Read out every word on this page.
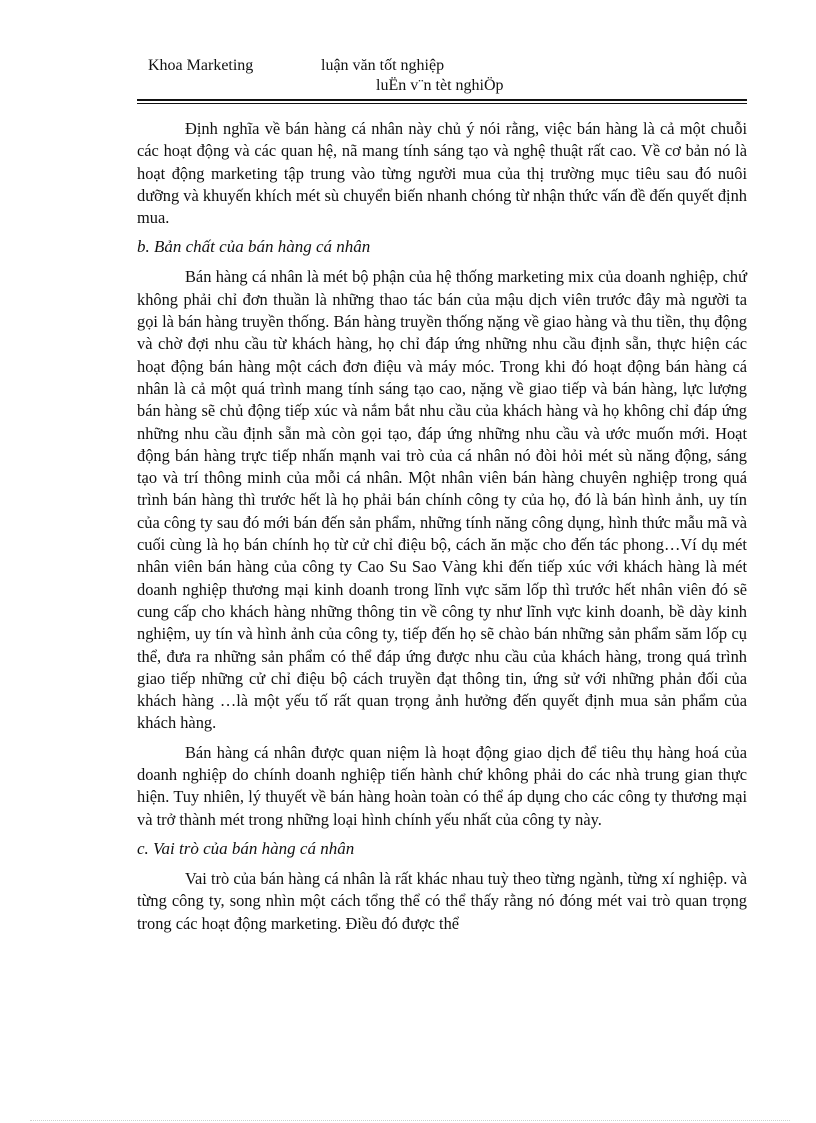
Khoa Marketing	luận văn tốt nghiệp
luËn v¨n tèt nghiÖp

Định nghĩa về bán hàng cá nhân này chủ ý nói rằng, việc bán hàng là cả một chuỗi các hoạt động và các quan hệ, nã mang tính sáng tạo và nghệ thuật rất cao. Về cơ bản nó là hoạt động marketing tập trung vào từng người mua của thị trường mục tiêu sau đó nuôi dưỡng và khuyến khích mét sù chuyển biến nhanh chóng từ nhận thức vấn đề đến quyết định mua.

b. Bản chất của bán hàng cá nhân

Bán hàng cá nhân là mét bộ phận của hệ thống marketing mix của doanh nghiệp, chứ không phải chỉ đơn thuần là những thao tác bán của mậu dịch viên trước đây mà người ta gọi là bán hàng truyền thống. Bán hàng truyền thống nặng về giao hàng và thu tiền, thụ động và chờ đợi nhu cầu từ khách hàng, họ chỉ đáp ứng những nhu cầu định sẵn, thực hiện các hoạt động bán hàng một cách đơn điệu và máy móc. Trong khi đó hoạt động bán hàng cá nhân là cả một quá trình mang tính sáng tạo cao, nặng về giao tiếp và bán hàng, lực lượng bán hàng sẽ chủ động tiếp xúc và nắm bắt nhu cầu của khách hàng và họ không chỉ đáp ứng những nhu cầu định sẵn mà còn gọi tạo, đáp ứng những nhu cầu và ước muốn mới. Hoạt động bán hàng trực tiếp nhấn mạnh vai trò của cá nhân nó đòi hỏi mét sù năng động, sáng tạo và trí thông minh của mỗi cá nhân. Một nhân viên bán hàng chuyên nghiệp trong quá trình bán hàng thì trước hết là họ phải bán chính công ty của họ, đó là bán hình ảnh, uy tín của công ty sau đó mới bán đến sản phẩm, những tính năng công dụng, hình thức mẫu mã và cuối cùng là họ bán chính họ từ cử chỉ điệu bộ, cách ăn mặc cho đến tác phong…Ví dụ mét nhân viên bán hàng của công ty Cao Su Sao Vàng khi đến tiếp xúc với khách hàng là mét doanh nghiệp thương mại kinh doanh trong lĩnh vực săm lốp thì trước hết nhân viên đó sẽ cung cấp cho khách hàng những thông tin về công ty như lĩnh vực kinh doanh, bề dày kinh nghiệm, uy tín và hình ảnh của công ty, tiếp đến họ sẽ chào bán những sản phẩm săm lốp cụ thể, đưa ra những sản phẩm có thể đáp ứng được nhu cầu của khách hàng, trong quá trình giao tiếp những cử chỉ điệu bộ cách truyền đạt thông tin, ứng sử với những phản đối của khách hàng …là một yếu tố rất quan trọng ảnh hưởng đến quyết định mua sản phẩm của khách hàng.

Bán hàng cá nhân được quan niệm là hoạt động giao dịch để tiêu thụ hàng hoá của doanh nghiệp do chính doanh nghiệp tiến hành chứ không phải do các nhà trung gian thực hiện. Tuy nhiên, lý thuyết về bán hàng hoàn toàn có thể áp dụng cho các công ty thương mại và trở thành mét trong những loại hình chính yếu nhất của công ty này.

c. Vai trò của bán hàng cá nhân

Vai trò của bán hàng cá nhân là rất khác nhau tuỳ theo từng ngành, từng xí nghiệp. và từng công ty, song nhìn một cách tổng thể có thể thấy rằng nó đóng mét vai trò quan trọng trong các hoạt động marketing. Điều đó được thể
